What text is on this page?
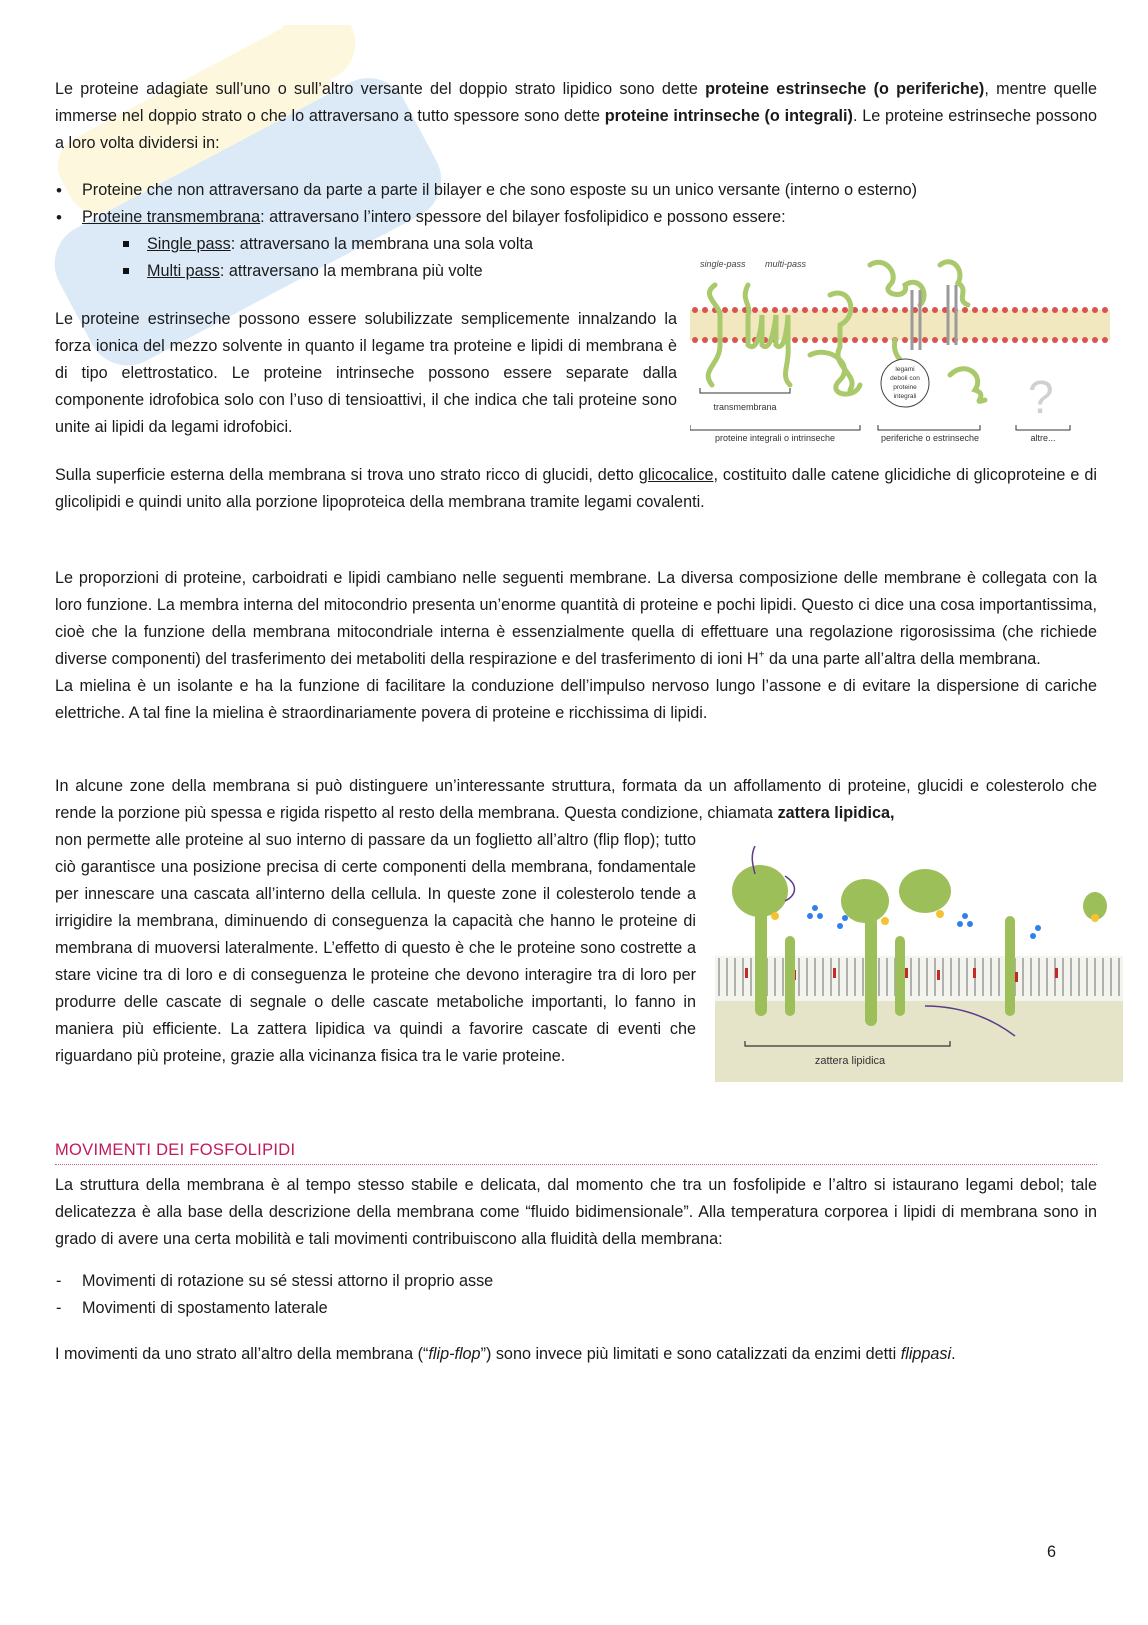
Le proteine adagiate sull’uno o sull’altro versante del doppio strato lipidico sono dette proteine estrinseche (o periferiche), mentre quelle immerse nel doppio strato o che lo attraversano a tutto spessore sono dette proteine intrinseche (o integrali). Le proteine estrinseche possono a loro volta dividersi in:

• Proteine che non attraversano da parte a parte il bilayer e che sono esposte su un unico versante (interno o esterno)
• Proteine transmembrana: attraversano l’intero spessore del bilayer fosfolipidico e possono essere:
Single pass: attraversano la membrana una sola volta
Multi pass: attraversano la membrana più volte

Le proteine estrinseche possono essere solubilizzate semplicemente innalzando la forza ionica del mezzo solvente in quanto il legame tra proteine e lipidi di membrana è di tipo elettrostatico. Le proteine intrinseche possono essere separate dalla componente idrofobica solo con l’uso di tensioattivi, il che indica che tali proteine sono unite ai lipidi da legami idrofobici.

single-pass multi-pass
legami
deboli con
proteine
integrali ?
transmembrana
proteine integrali o intrinseche	periferiche o estrinseche	altre...

Sulla superficie esterna della membrana si trova uno strato ricco di glucidi, detto glicocalice, costituito dalle catene glicidiche di glicoproteine e di glicolipidi e quindi unito alla porzione lipoproteica della membrana tramite legami covalenti.

Le proporzioni di proteine, carboidrati e lipidi cambiano nelle seguenti membrane. La diversa composizione delle membrane è collegata con la loro funzione. La membra interna del mitocondrio presenta un’enorme quantità di proteine e pochi lipidi. Questo ci dice una cosa importantissima, cioè che la funzione della membrana mitocondriale interna è essenzialmente quella di effettuare una regolazione rigorosissima (che richiede diverse componenti) del trasferimento dei metaboliti della respirazione e del trasferimento di ioni H+ da una parte all’altra della membrana.

La mielina è un isolante e ha la funzione di facilitare la conduzione dell’impulso nervoso lungo l’assone e di evitare la dispersione di cariche elettriche. A tal fine la mielina è straordinariamente povera di proteine e ricchissima di lipidi.

In alcune zone della membrana si può distinguere un’interessante struttura, formata da un affollamento di proteine, glucidi e colesterolo che rende la porzione più spessa e rigida rispetto al resto della membrana. Questa condizione, chiamata zattera lipidica,

non permette alle proteine al suo interno di passare da un foglietto all’altro (flip flop); tutto ciò garantisce una posizione precisa di certe componenti della membrana, fondamentale per innescare una cascata all’interno della cellula. In queste zone il colesterolo tende a irrigidire la membrana, diminuendo di conseguenza la capacità che hanno le proteine di membrana di muoversi lateralmente. L’effetto di questo è che le proteine sono costrette a stare vicine tra di loro e di conseguenza le proteine che devono interagire tra di loro per produrre delle cascate di segnale o delle cascate metaboliche importanti, lo fanno in maniera più efficiente. La zattera lipidica va quindi a favorire cascate di eventi che riguardano più proteine, grazie alla vicinanza fisica tra le varie proteine.	zattera lipidica
MOVIMENTI DEI FOSFOLIPIDI

La struttura della membrana è al tempo stesso stabile e delicata, dal momento che tra un fosfolipide e l’altro si istaurano legami debol; tale delicatezza è alla base della descrizione della membrana come “fluido bidimensionale”. Alla temperatura corporea i lipidi di membrana sono in grado di avere una certa mobilità e tali movimenti contribuiscono alla fluidità della membrana:

- Movimenti di rotazione su sé stessi attorno il proprio asse
- Movimenti di spostamento laterale

I movimenti da uno strato all’altro della membrana (“flip-flop”) sono invece più limitati e sono catalizzati da enzimi detti flippasi.

6
